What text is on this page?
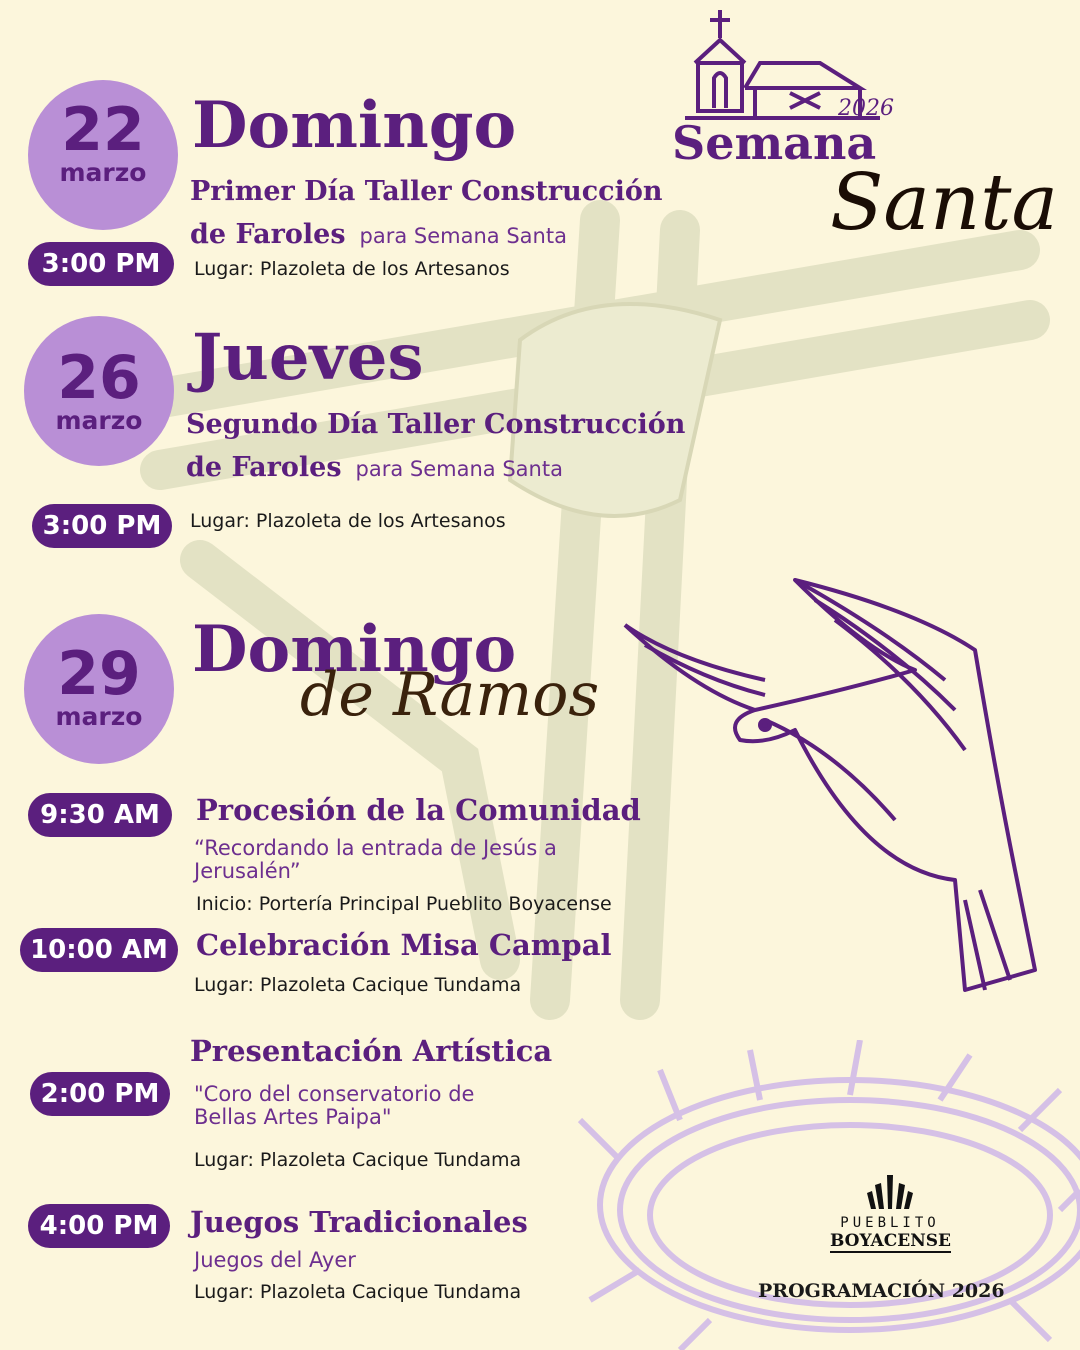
2026
Semana
Santa
22
marzo
Domingo
Primer Día Taller Construcción
de Faroles para Semana Santa
3:00 PM	Lugar: Plazoleta de los Artesanos
26
marzo
Jueves
Segundo Día Taller Construcción
de Faroles para Semana Santa
3:00 PM	Lugar: Plazoleta de los Artesanos
29
marzo
Domingo
de Ramos
9:30 AM	Procesión de la Comunidad
“Recordando la entrada de Jesús a Jerusalén”
Inicio: Portería Principal Pueblito Boyacense
10:00 AM Celebración Misa Campal
Lugar: Plazoleta Cacique Tundama
Presentación Artística
2:00 PM	"Coro del conservatorio de Bellas Artes Paipa"
Lugar: Plazoleta Cacique Tundama
4:00 PM	Juegos Tradicionales
Juegos del Ayer
Lugar: Plazoleta Cacique Tundama
PUEBLITO
BOYACENSE
PROGRAMACIÓN 2026
